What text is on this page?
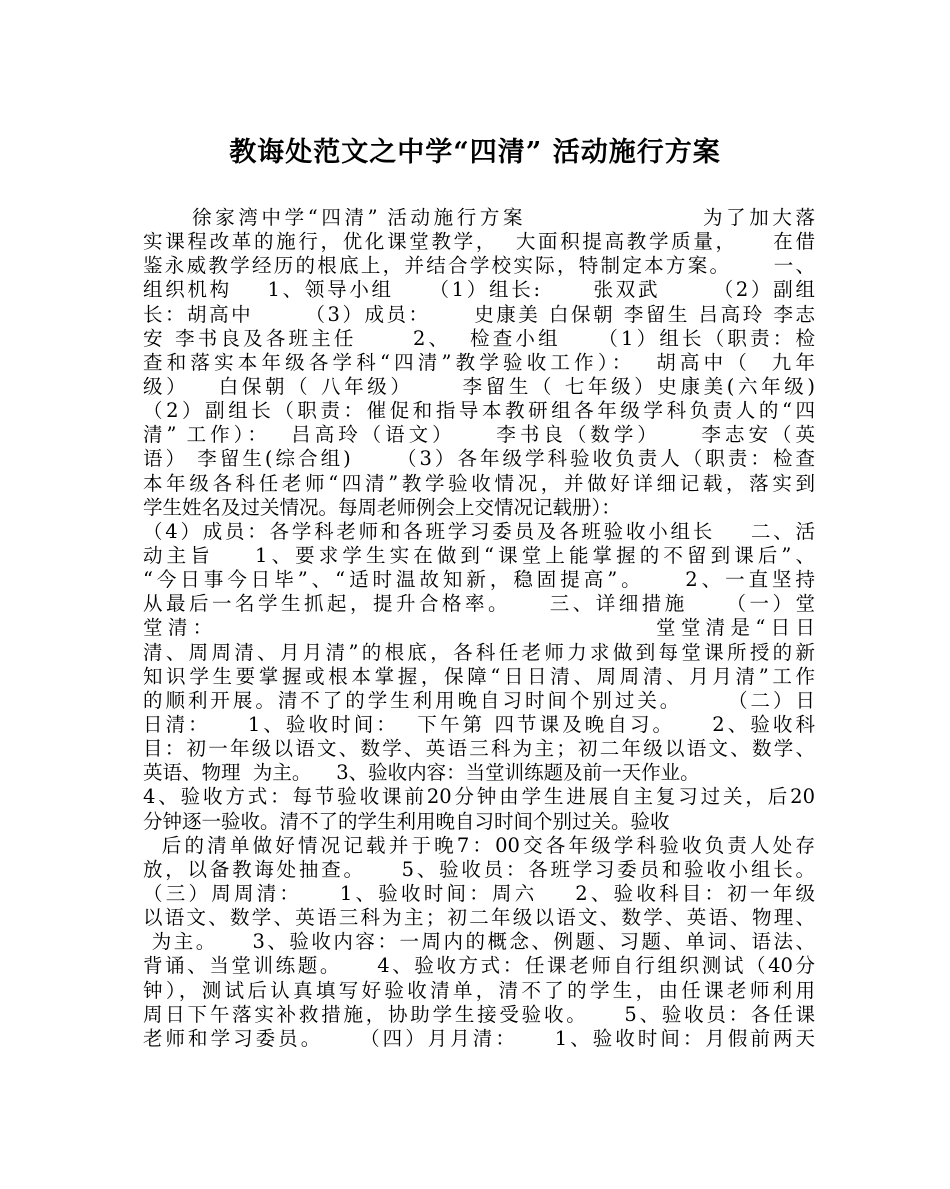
教诲处范文之中学“四清” 活动施行方案
徐家湾中学“四清” 活动施行方案                  为了加大落
实课程改革的施行，优化课堂教学，  大面积提高教学质量，    在借
鉴永威教学经历的根底上，并结合学校实际，特制定本方案。     一、
组织机构    1、领导小组    （1）组长:      张双武      （2）副组
长：胡高中      （3）成员：     史康美 白保朝 李留生 吕高玲 李志
安 李书良及各班主任      2、  检查小组    （1）组长（职责：检
查和落实本年级各学科“四清”教学验收工作）：  胡高中（  九年
级）   白保朝（ 八年级）     李留生（ 七年级）史康美(六年级)
（2）副组长（职责：催促和指导本教研组各年级学科负责人的“四
清” 工作）：  吕高玲（语文）    李书良（数学）    李志安（英
语） 李留生(综合组)     （3）各年级学科验收负责人（职责：检查
本年级各科任老师“四清”教学验收情况，并做好详细记载，落实到
学生姓名及过关情况。每周老师例会上交情况记载册）：
（4）成员：各学科老师和各班学习委员及各班验收小组长    二、活
动主旨    1、要求学生实在做到“课堂上能掌握的不留到课后”、
“今日事今日毕”、“适时温故知新，稳固提高”。    2、一直坚持
从最后一名学生抓起，提升合格率。    三、详细措施    （一）堂
堂清：                                      堂堂清是“日日
清、周周清、月月清”的根底，各科任老师力求做到每堂课所授的新
知识学生要掌握或根本掌握，保障“日日清、周周清、月月清”工作
的顺利开展。清不了的学生利用晚自习时间个别过关。     （二）日
日清：    1、验收时间：  下午第 四节课及晚自习。    2、验收科
目：初一年级以语文、数学、英语三科为主；初二年级以语文、数学、
英语、物理  为主。    3、验收内容：当堂训练题及前一天作业。
4、验收方式：每节验收课前20分钟由学生进展自主复习过关，后20
分钟逐一验收。清不了的学生利用晚自习时间个别过关。验收
后的清单做好情况记载并于晚7：00交各年级学科验收负责人处存
放，以备教诲处抽查。    5、验收员：各班学习委员和验收小组长。
（三）周周清：    1、验收时间：周六    2、验收科目：初一年级
以语文、数学、英语三科为主；初二年级以语文、数学、英语、物理、
为主。    3、验收内容：一周内的概念、例题、习题、单词、语法、
背诵、当堂训练题。    4、验收方式：任课老师自行组织测试（40分
钟），测试后认真填写好验收清单，清不了的学生，由任课老师利用
周日下午落实补救措施，协助学生接受验收。    5、验收员：各任课
老师和学习委员。    （四）月月清：    1、验收时间：月假前两天
